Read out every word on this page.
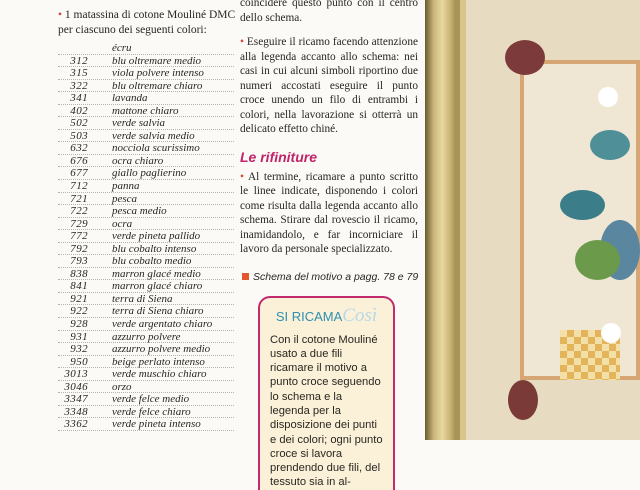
• 1 matassina di cotone Mouliné DMC per ciascuno dei seguenti colori:
écru
312 blu oltremare medio
315 viola polvere intenso
322 blu oltremare chiaro
341 lavanda
402 mattone chiaro
502 verde salvia
503 verde salvia medio
632 nocciola scurissimo
676 ocra chiaro
677 giallo paglierino
712 panna
721 pesca
722 pesca medio
729 ocra
772 verde pineta pallido
792 blu cobalto intenso
793 blu cobalto medio
838 marron glacé medio
841 marron glacé chiaro
921 terra di Siena
922 terra di Siena chiaro
928 verde argentato chiaro
931 azzurro polvere
932 azzurro polvere medio
950 beige perlato intenso
3013 verde muschio chiaro
3046 orzo
3347 verde felce medio
3348 verde felce chiaro
3362 verde pineta intenso

coincidere questo punto con il centro dello schema.

• Eseguire il ricamo facendo attenzione alla legenda accanto allo schema: nei casi in cui alcuni simboli riportino due numeri accostati eseguire il punto croce unendo un filo di entrambi i colori, nella lavorazione si otterrà un delicato effetto chiné.

Le rifiniture

• Al termine, ricamare a punto scritto le linee indicate, disponendo i colori come risulta dalla legenda accanto allo schema. Stirare dal rovescio il ricamo, inamidandolo, e far incorniciare il lavoro da personale specializzato.

Schema del motivo a pagg. 78 e 79
SI RICAMACosì
Con il cotone Mouliné usato a due fili ricamare il motivo a punto croce seguendo lo schema e la legenda per la disposizione dei punti e dei colori; ogni punto croce si lavora prendendo due fili, del tessuto sia in al-
